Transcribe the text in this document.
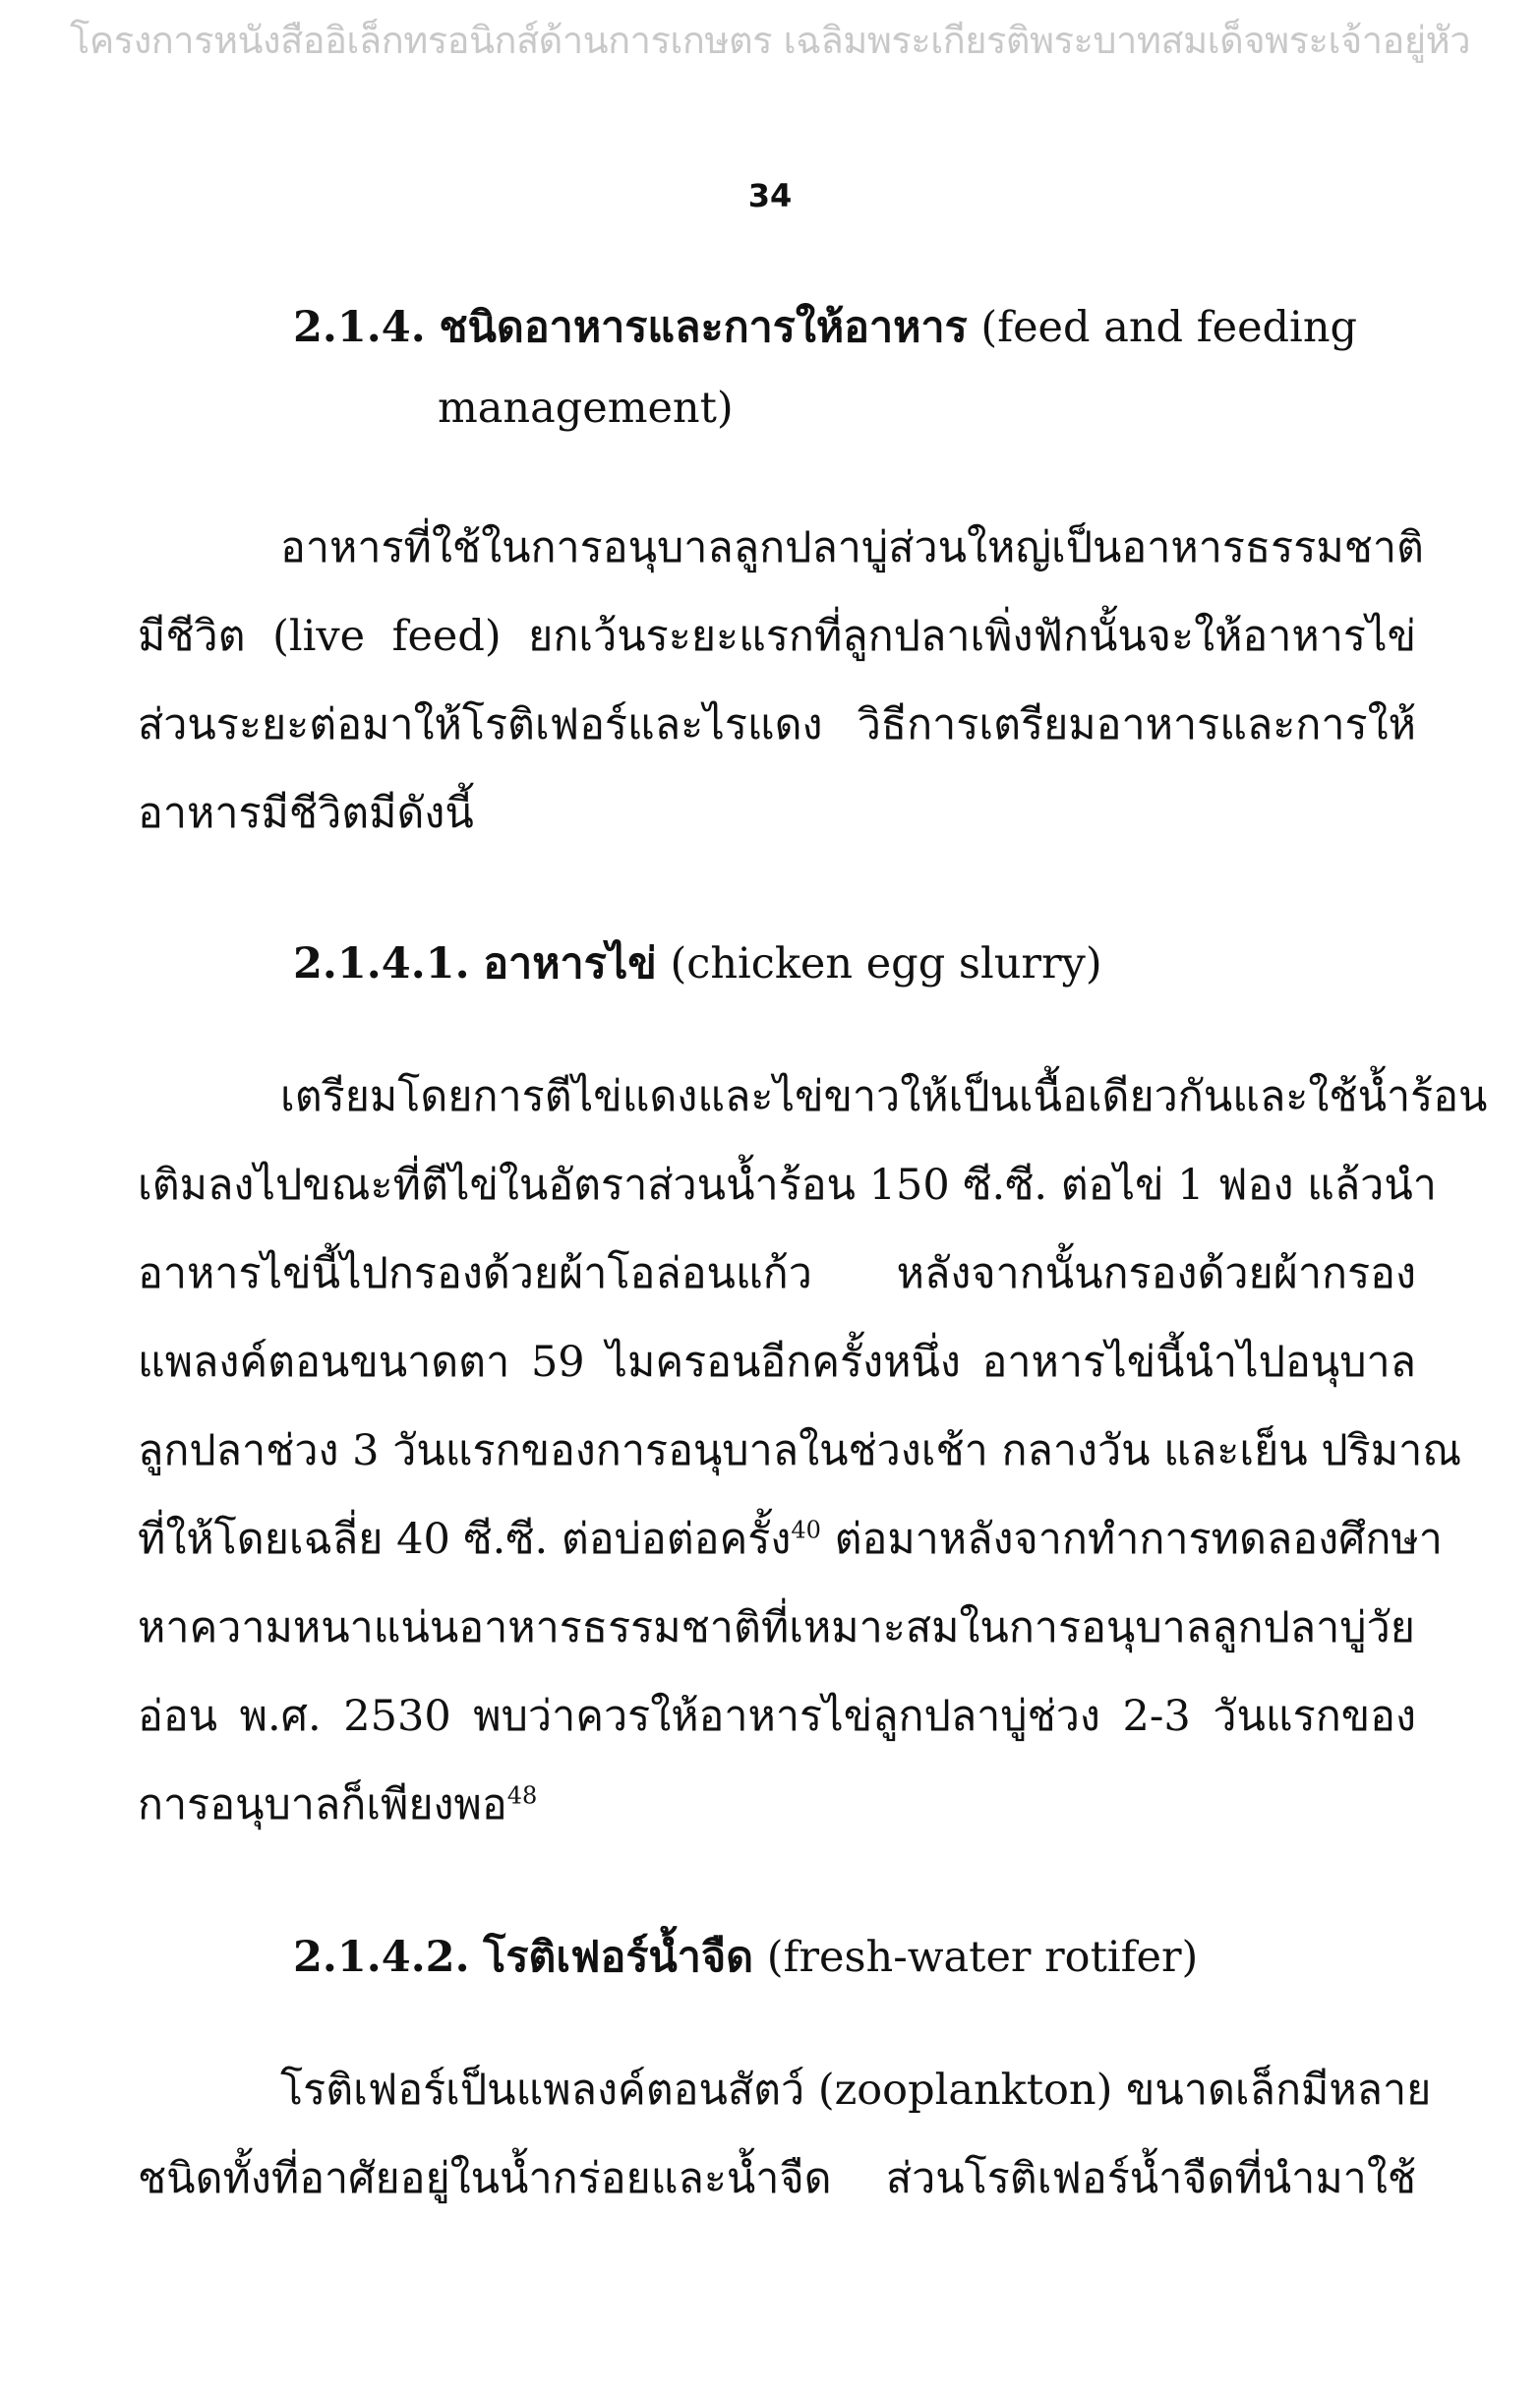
โครงการหนังสืออิเล็กทรอนิกส์ด้านการเกษตร เฉลิมพระเกียรติพระบาทสมเด็จพระเจ้าอยู่หัว
34
2.1.4. ชนิดอาหารและการให้อาหาร (feed and feeding
management)
อาหารที่ใช้ในการอนุบาลลูกปลาบู่ส่วนใหญ่เป็นอาหารธรรมชาติ
มีชีวิต (live feed) ยกเว้นระยะแรกที่ลูกปลาเพิ่งฟักนั้นจะให้อาหารไข่
ส่วนระยะต่อมาให้โรติเฟอร์และไรแดง วิธีการเตรียมอาหารและการให้
อาหารมีชีวิตมีดังนี้
2.1.4.1. อาหารไข่ (chicken egg slurry)
เตรียมโดยการตีไข่แดงและไข่ขาวให้เป็นเนื้อเดียวกันและใช้น้ำร้อน
เติมลงไปขณะที่ตีไข่ในอัตราส่วนน้ำร้อน 150 ซี.ซี. ต่อไข่ 1 ฟอง แล้วนำ
อาหารไข่นี้ไปกรองด้วยผ้าโอล่อนแก้ว หลังจากนั้นกรองด้วยผ้ากรอง
แพลงค์ตอนขนาดตา 59 ไมครอนอีกครั้งหนึ่ง อาหารไข่นี้นำไปอนุบาล
ลูกปลาช่วง 3 วันแรกของการอนุบาลในช่วงเช้า กลางวัน และเย็น ปริมาณ
ที่ให้โดยเฉลี่ย 40 ซี.ซี. ต่อบ่อต่อครั้ง$^{40}$ ต่อมาหลังจากทำการทดลองศึกษา
หาความหนาแน่นอาหารธรรมชาติที่เหมาะสมในการอนุบาลลูกปลาบู่วัย
อ่อน พ.ศ. 2530 พบว่าควรให้อาหารไข่ลูกปลาบู่ช่วง 2-3 วันแรกของ
การอนุบาลก็เพียงพอ$^{48}$
2.1.4.2. โรติเฟอร์น้ำจืด (fresh-water rotifer)
โรติเฟอร์เป็นแพลงค์ตอนสัตว์ (zooplankton) ขนาดเล็กมีหลาย
ชนิดทั้งที่อาศัยอยู่ในน้ำกร่อยและน้ำจืด ส่วนโรติเฟอร์น้ำจืดที่นำมาใช้
